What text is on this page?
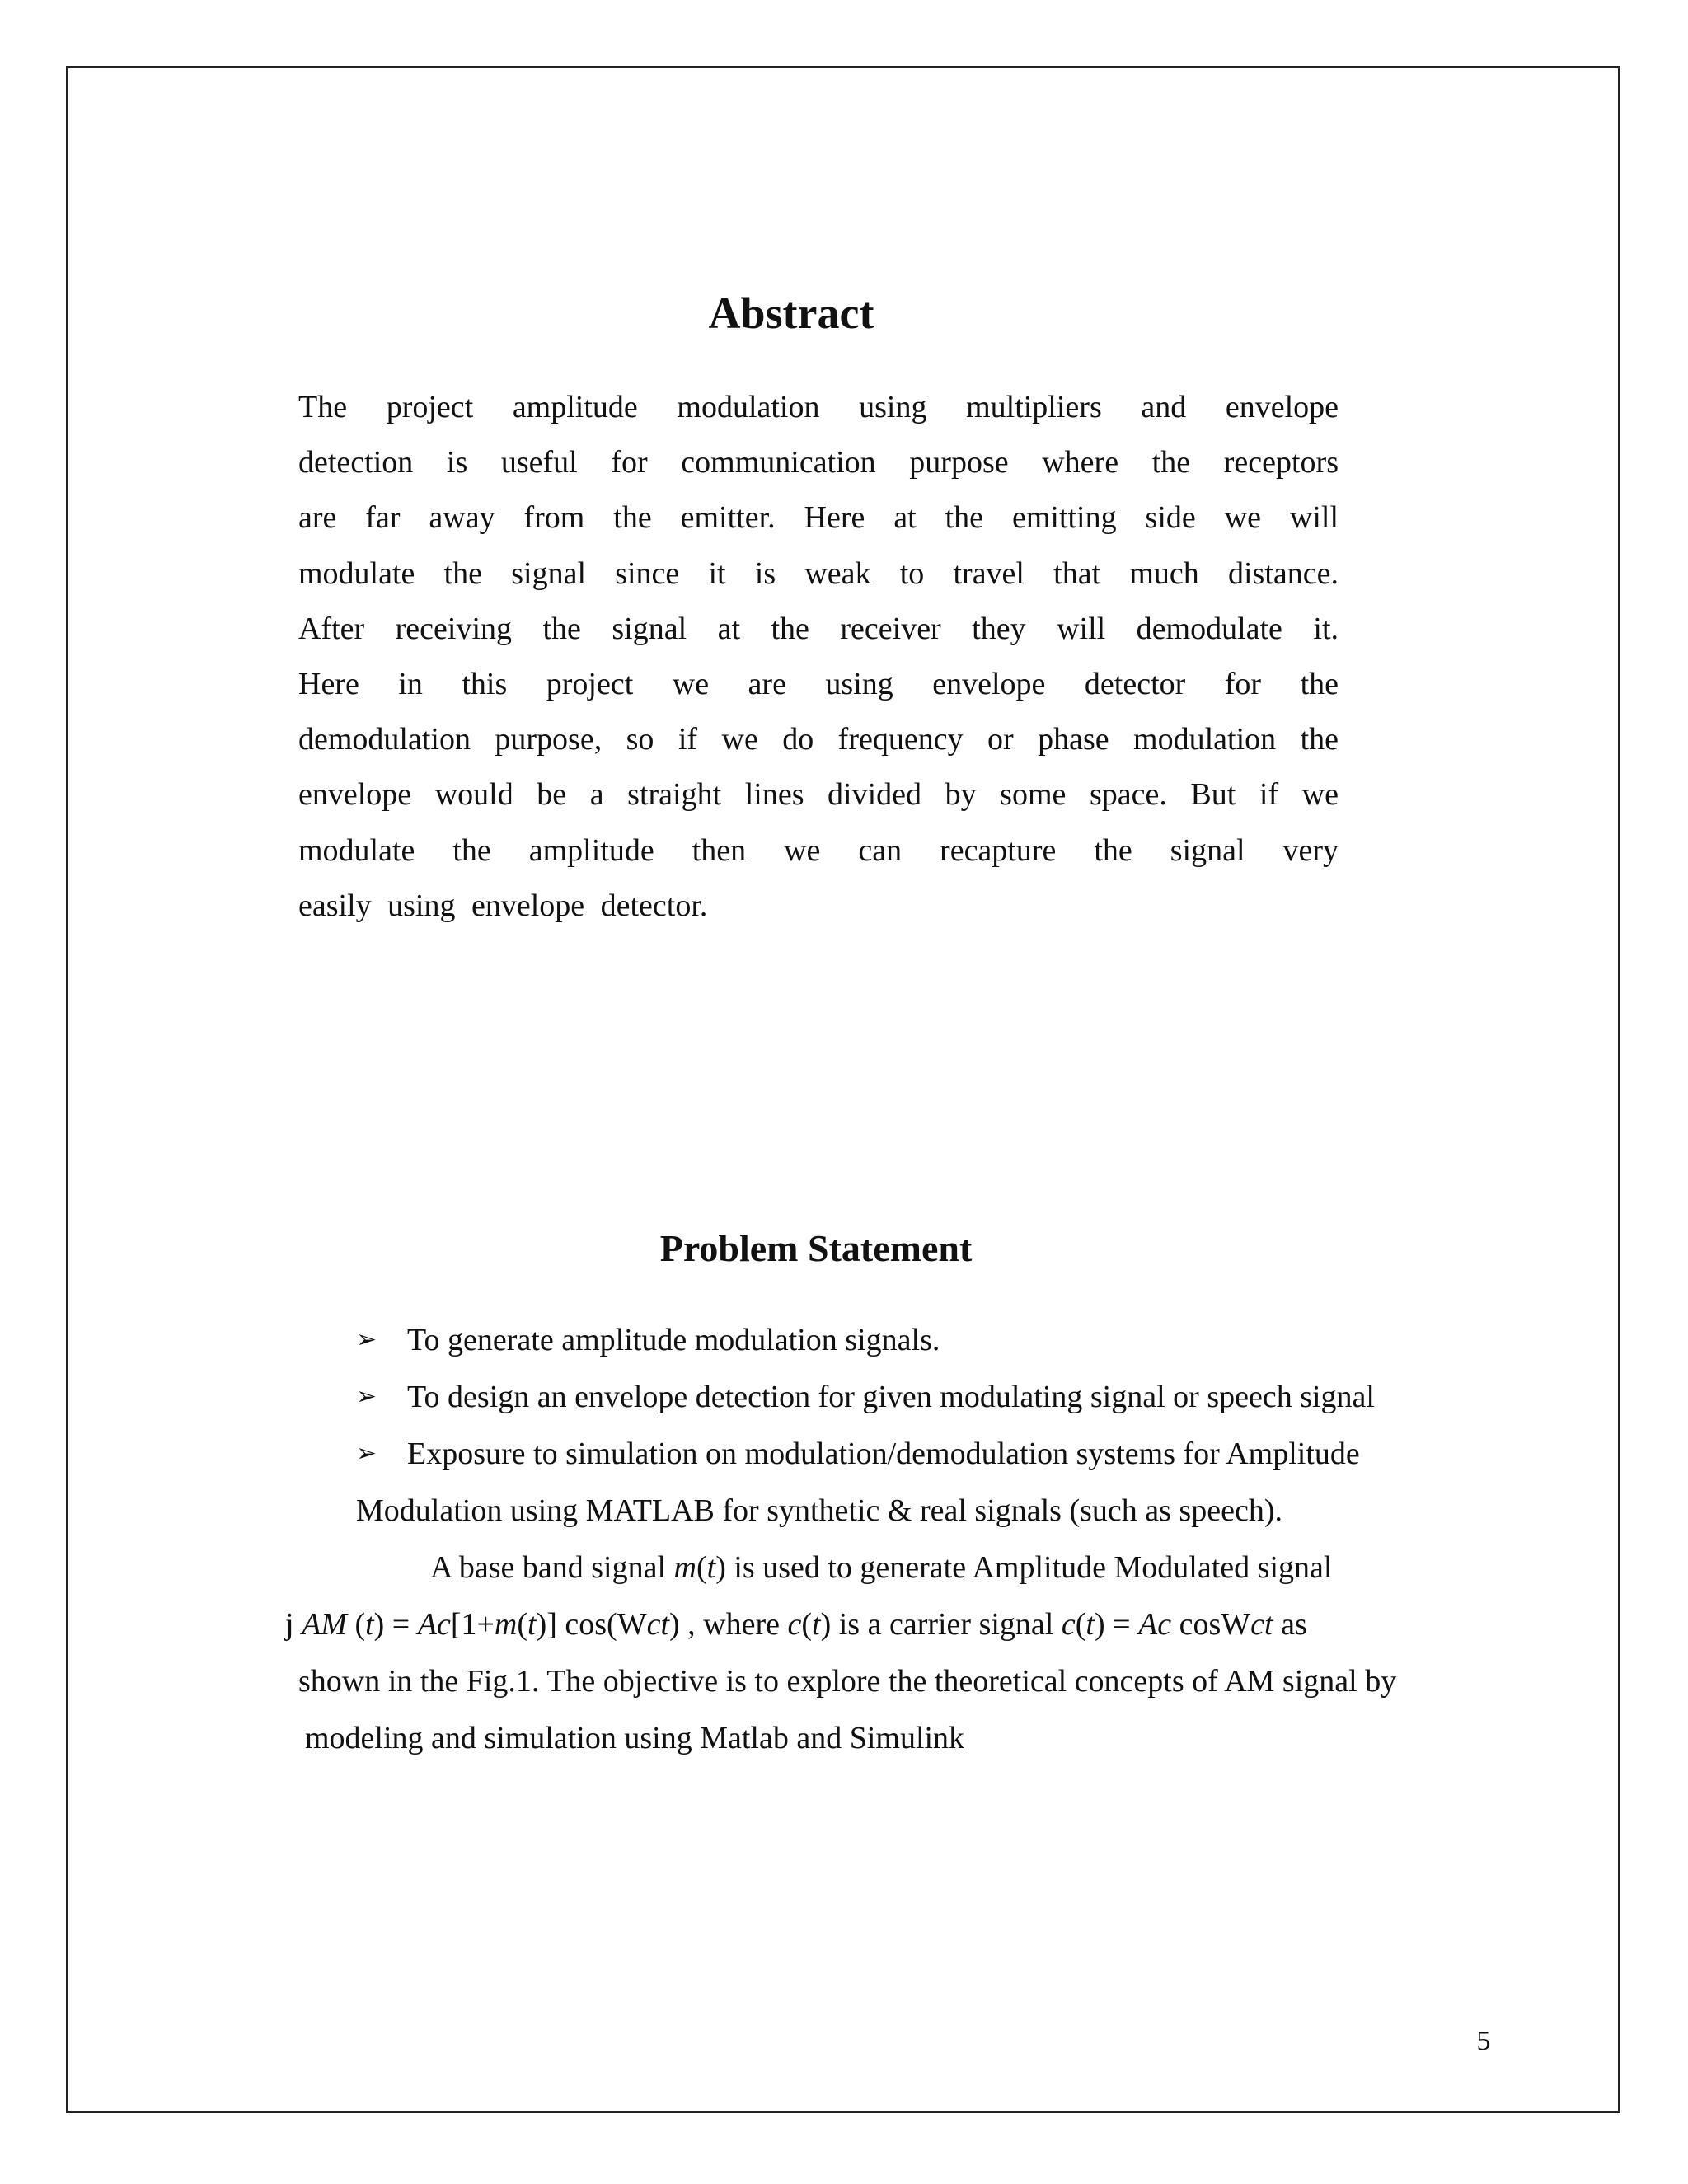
Abstract
The project amplitude modulation using multipliers and envelope
detection is useful for communication purpose where the receptors
are far away from the emitter. Here at the emitting side we will
modulate the signal since it is weak to travel that much distance.
After receiving the signal at the receiver they will demodulate it.
Here in this project we are using envelope detector for the
demodulation purpose, so if we do frequency or phase modulation the
envelope would be a straight lines divided by some space. But if we
modulate the amplitude then we can recapture the signal very
easily using envelope detector.
Problem Statement
➢ To generate amplitude modulation signals.
➢ To design an envelope detection for given modulating signal or speech signal
➢ Exposure to simulation on modulation/demodulation systems for Amplitude
Modulation using MATLAB for synthetic & real signals (such as speech).
A base band signal m(t) is used to generate Amplitude Modulated signal
j AM (t) = Ac[1+m(t)] cos(Wct) , where c(t) is a carrier signal c(t) = Ac cosWct as
shown in the Fig.1. The objective is to explore the theoretical concepts of AM signal by
modeling and simulation using Matlab and Simulink
5
